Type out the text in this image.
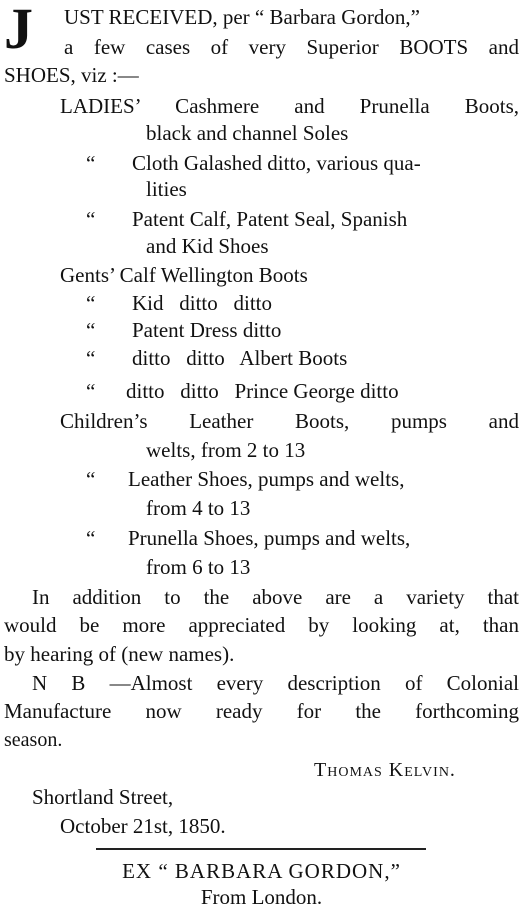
J UST RECEIVED, per “ Barbara Gordon,”
a few cases of very Superior BOOTS and
SHOES, viz :—
LADIES’ Cashmere and Prunella Boots,
black and channel Soles
“ Cloth Galashed ditto, various qua-
lities
“ Patent Calf, Patent Seal, Spanish
and Kid Shoes
Gents’ Calf Wellington Boots
“ Kid   ditto   ditto
“ Patent Dress ditto
“ ditto   ditto   Albert Boots
“ ditto   ditto   Prince George ditto
Children’s Leather Boots, pumps and
welts, from 2 to 13
“ Leather Shoes, pumps and welts,
from 4 to 13
“ Prunella Shoes, pumps and welts,
from 6 to 13
In addition to the above are a variety that
would be more appreciated by looking at, than
by hearing of (new names).
N B —Almost every description of Colonial
Manufacture now ready for the forthcoming
season.
Thomas Kelvin.
Shortland Street,
October 21st, 1850.
EX “ BARBARA GORDON,”
From London.
